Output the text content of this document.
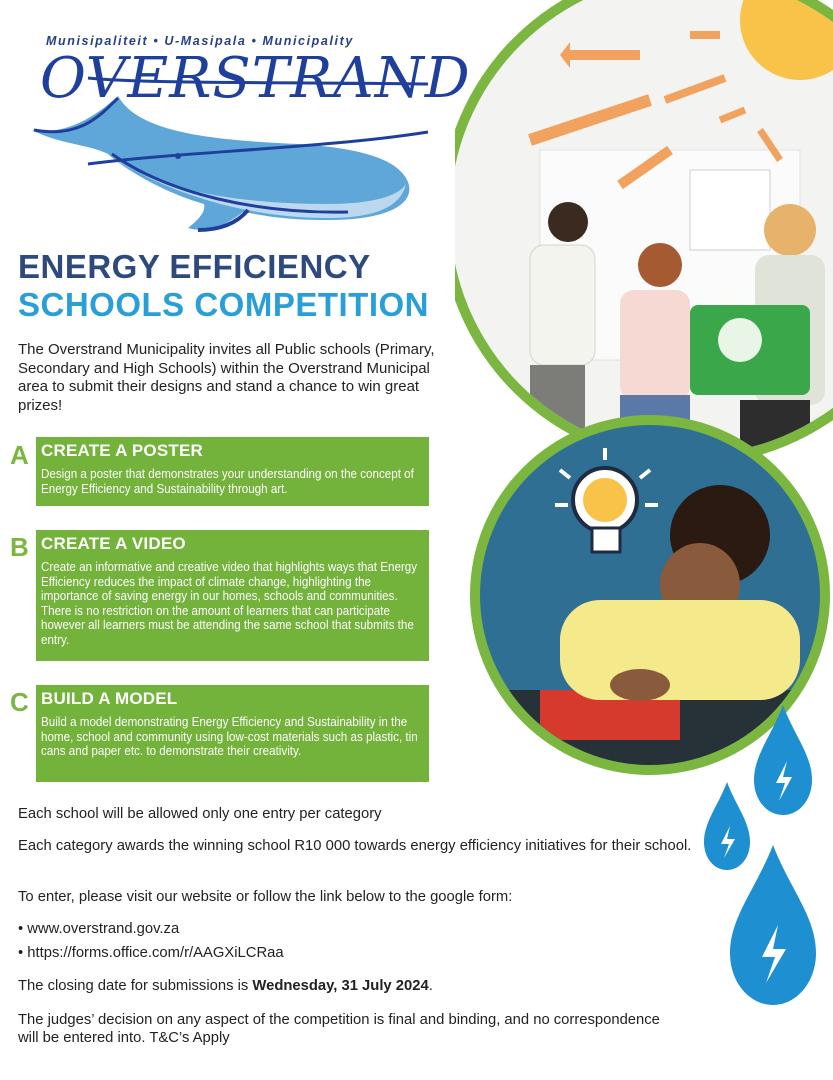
Munisipaliteit • U-Masipala • Municipality
OVERSTRAND
ENERGY EFFICIENCY
SCHOOLS COMPETITION

The Overstrand Municipality invites all Public schools (Primary, Secondary and High Schools) within the Overstrand Municipal area to submit their designs and stand a chance to win great prizes!

A CREATE A POSTER

Design a poster that demonstrates your understanding on the concept of Energy Efficiency and Sustainability through art.

B CREATE A VIDEO

Create an informative and creative video that highlights ways that Energy Efficiency reduces the impact of climate change, highlighting the importance of saving energy in our homes, schools and communities. There is no restriction on the amount of learners that can participate however all learners must be attending the same school that submits the entry.

C BUILD A MODEL

Build a model demonstrating Energy Efficiency and Sustainability in the home, school and community using low-cost materials such as plastic, tin cans and paper etc. to demonstrate their creativity.

Each school will be allowed only one entry per category

Each category awards the winning school R10 000 towards energy efficiency initiatives for their school.

To enter, please visit our website or follow the link below to the google form:

• www.overstrand.gov.za

• https://forms.office.com/r/AAGXiLCRaa

The closing date for submissions is Wednesday, 31 July 2024.

The judges’ decision on any aspect of the competition is final and binding, and no correspondence will be entered into. T&C’s Apply
